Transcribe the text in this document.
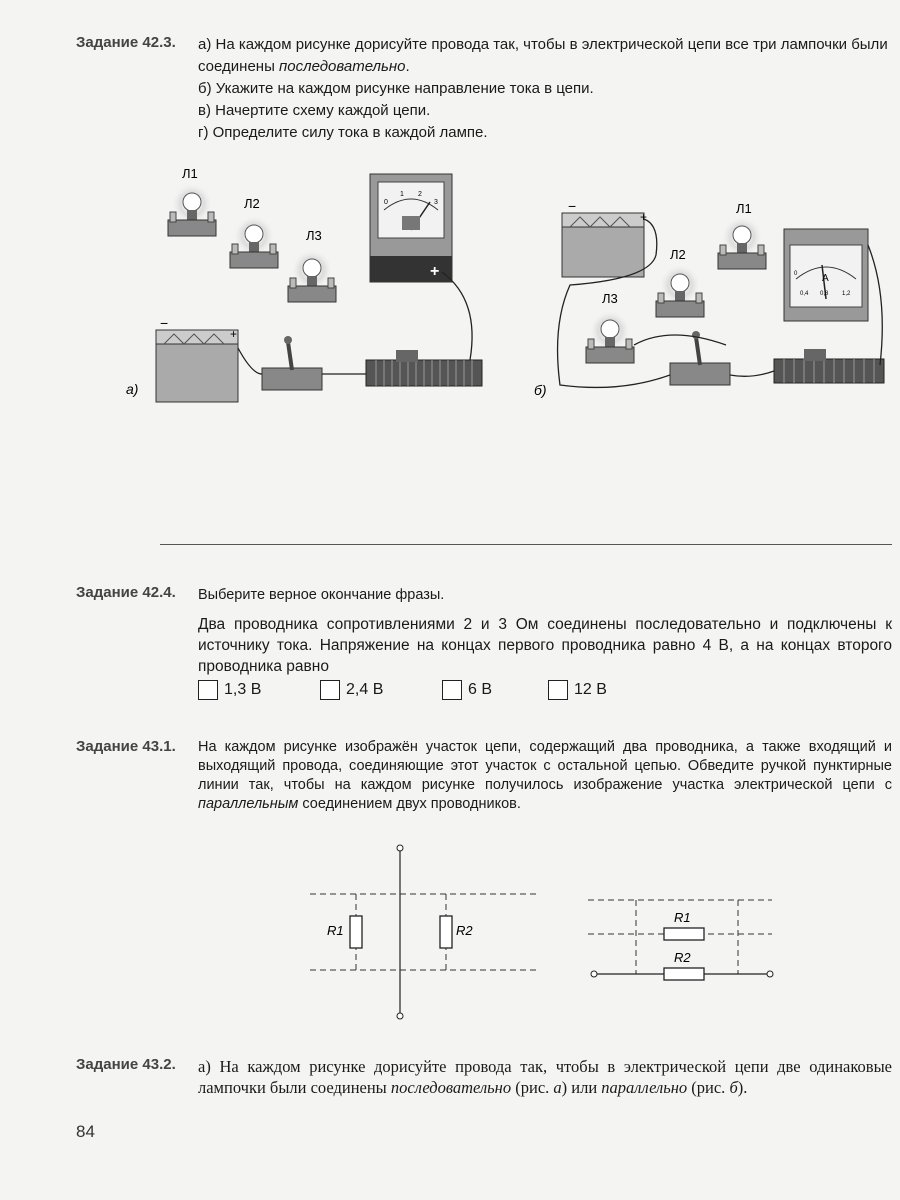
Задание 42.3. а) На каждом рисунке дорисуйте провода так, чтобы в электрической цепи все три лампочки были соединены последовательно.

б) Укажите на каждом рисунке направление тока в цепи.

в) Начертите схему каждой цепи.

г) Определите силу тока в каждой лампе.

Л1
Л2
Л3
0
1 2
3
+
−
+
а)
−
+
Л1
Л2
Л3
A
0
0,4 0,8 1,2
б)
Задание 42.4. Выберите верное окончание фразы.
Два проводника сопротивлениями 2 и 3 Ом соединены последовательно и подключены к источнику тока. Напряжение на концах первого проводника равно 4 В, а на концах второго проводника равно
1,3 В	2,4 В	6 В	12 В
Задание 43.1. На каждом рисунке изображён участок цепи, содержащий два проводника, а также входящий и выходящий провода, соединяющие этот участок с остальной цепью. Обведите ручкой пунктирные линии так, чтобы на каждом рисунке получилось изображение участка электрической цепи с параллельным соединением двух проводников.
R1	R2
R1
R2
Задание 43.2. а) На каждом рисунке дорисуйте провода так, чтобы в электрической цепи две одинаковые лампочки были соединены последовательно (рис. а) или параллельно (рис. б).
84
